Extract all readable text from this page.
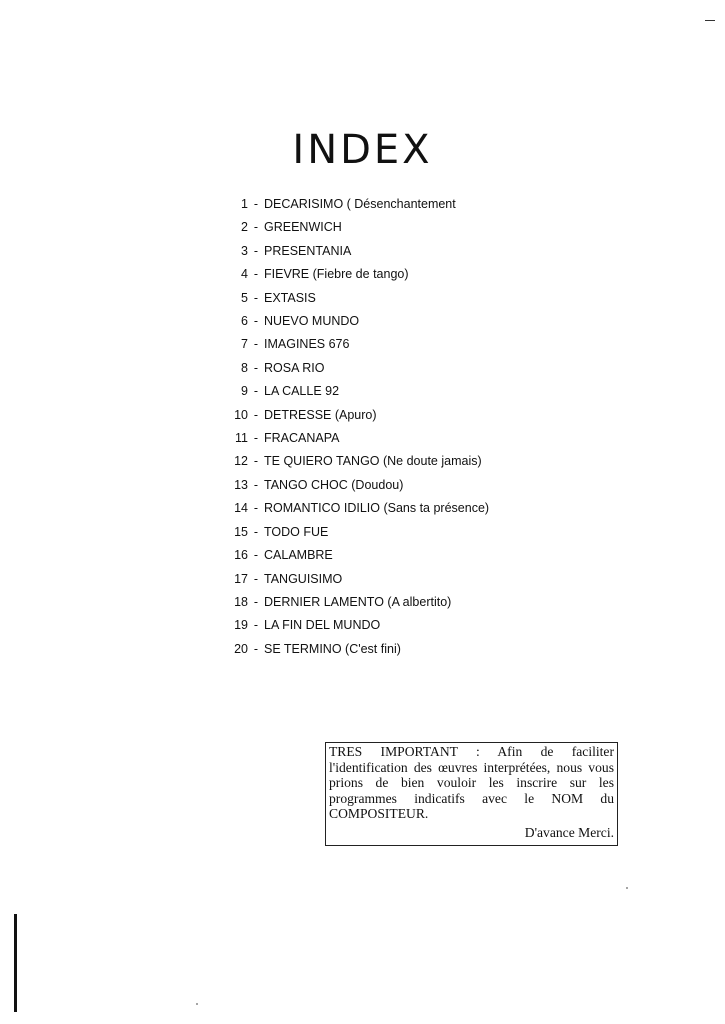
INDEX
1 - DECARISIMO ( Désenchantement
2 - GREENWICH
3 - PRESENTANIA
4 - FIEVRE (Fiebre de tango)
5 - EXTASIS
6 - NUEVO MUNDO
7 - IMAGINES 676
8 - ROSA RIO
9 - LA CALLE 92
10 - DETRESSE (Apuro)
11 - FRACANAPA
12 - TE QUIERO TANGO (Ne doute jamais)
13 - TANGO CHOC (Doudou)
14 - ROMANTICO IDILIO (Sans ta présence)
15 - TODO FUE
16 - CALAMBRE
17 - TANGUISIMO
18 - DERNIER LAMENTO (A albertito)
19 - LA FIN DEL MUNDO
20 - SE TERMINO (C'est fini)
TRES IMPORTANT : Afin de faciliter l'identification des œuvres interprétées, nous vous prions de bien vouloir les inscrire sur les programmes indicatifs avec le NOM du COMPOSITEUR.
D'avance Merci.
